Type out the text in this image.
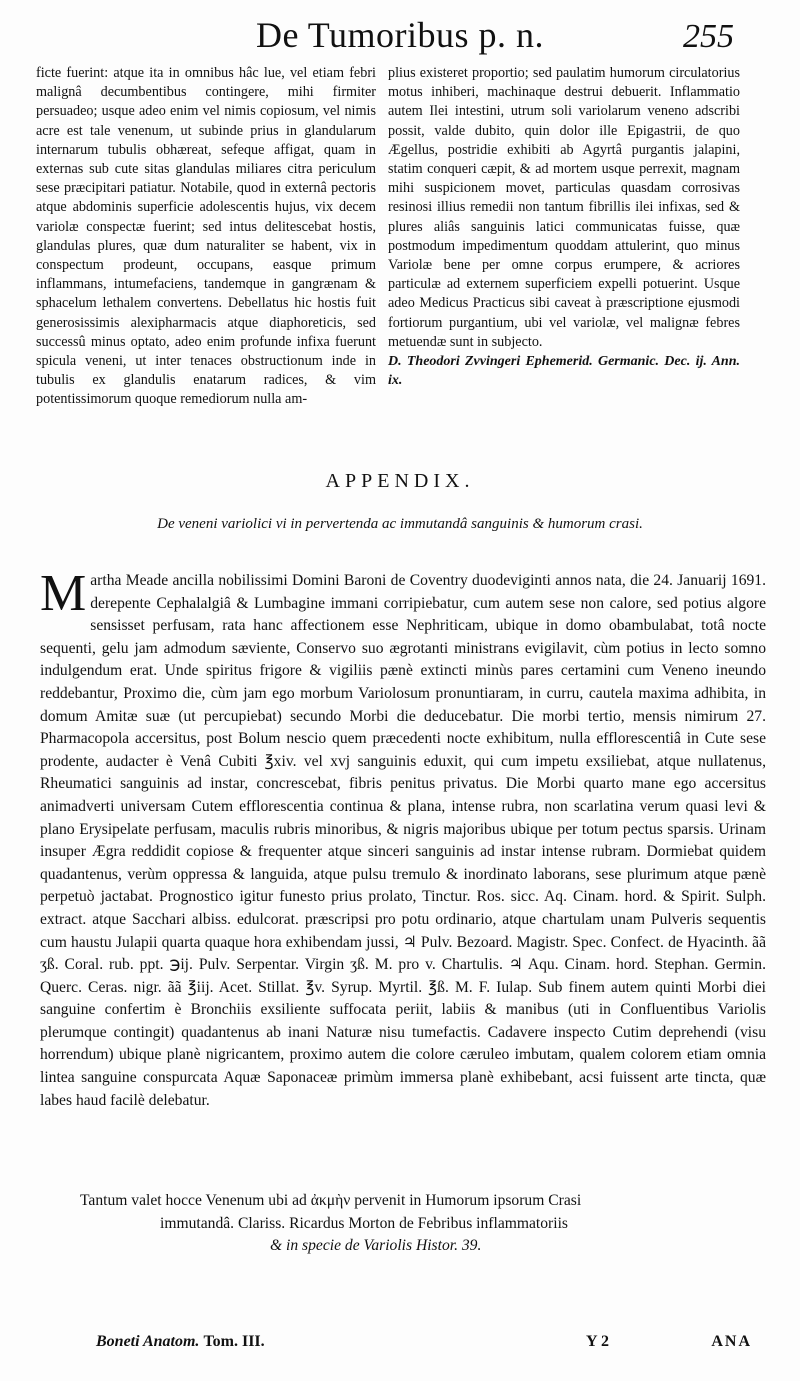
De Tumoribus p. n.	255

ficte fuerint: atque ita in omnibus hâc lue, vel etiam febri malignâ decumbentibus contingere, mihi firmiter persuadeo; usque adeo enim vel nimis copiosum, vel nimis acre est tale venenum, ut subinde prius in glandularum internarum tubulis obhæreat, sefeque affigat, quam in externas sub cute sitas glandulas miliares citra periculum sese præcipitari patiatur. Notabile, quod in externâ pectoris atque abdominis superficie adolescentis hujus, vix decem variolæ conspectæ fuerint; sed intus delitescebat hostis, glandulas plures, quæ dum naturaliter se habent, vix in conspectum prodeunt, occupans, easque primum inflammans, intumefaciens, tandemque in gangrænam & sphacelum lethalem convertens. Debellatus hic hostis fuit generosissimis alexipharmacis atque diaphoreticis, sed successû minus optato, adeo enim profunde infixa fuerunt spicula veneni, ut inter tenaces obstructionum inde in tubulis ex glandulis enatarum radices, & vim potentissimorum quoque remediorum nulla am-

plius existeret proportio; sed paulatim humorum circulatorius motus inhiberi, machinaque destrui debuerit. Inflammatio autem Ilei intestini, utrum soli variolarum veneno adscribi possit, valde dubito, quin dolor ille Epigastrii, de quo Ægellus, postridie exhibiti ab Agyrtâ purgantis jalapini, statim conqueri cæpit, & ad mortem usque perrexit, magnam mihi suspicionem movet, particulas quasdam corrosivas resinosi illius remedii non tantum fibrillis ilei infixas, sed & plures aliâs sanguinis latici communicatas fuisse, quæ postmodum impedimentum quoddam attulerint, quo minus Variolæ bene per omne corpus erumpere, & acriores particulæ ad externem superficiem expelli potuerint. Usque adeo Medicus Practicus sibi caveat à præscriptione ejusmodi fortiorum purgantium, ubi vel variolæ, vel malignæ febres metuendæ sunt in subjecto.

D. Theodori Zvvingeri Ephemerid. Germanic. Dec. ij. Ann. ix.

APPENDIX.
De veneni variolici vi in pervertenda ac immutandâ sanguinis & humorum crasi.
M artha Meade ancilla nobilissimi Domini Baroni de Coventry duodeviginti annos nata, die 24. Januarij 1691. derepente Cephalalgiâ & Lumbagine immani corripiebatur, cum autem sese non calore, sed potius algore sensisset perfusam, rata hanc affectionem esse Nephriticam, ubique in domo obambulabat, totâ nocte sequenti, gelu jam admodum sæviente, Conservo suo ægrotanti ministrans evigilavit, cùm potius in lecto somno indulgendum erat. Unde spiritus frigore & vigiliis pænè extincti minùs pares certamini cum Veneno ineundo reddebantur, Proximo die, cùm jam ego morbum Variolosum pronuntiaram, in curru, cautela maxima adhibita, in domum Amitæ suæ (ut percupiebat) secundo Morbi die deducebatur. Die morbi tertio, mensis nimirum 27. Pharmacopola accersitus, post Bolum nescio quem præcedenti nocte exhibitum, nulla efflorescentiâ in Cute sese prodente, audacter è Venâ Cubiti ℥xiv. vel xvj sanguinis eduxit, qui cum impetu exsiliebat, atque nullatenus, Rheumatici sanguinis ad instar, concrescebat, fibris penitus privatus. Die Morbi quarto mane ego accersitus animadverti universam Cutem efflorescentia continua & plana, intense rubra, non scarlatina verum quasi levi & plano Erysipelate perfusam, maculis rubris minoribus, & nigris majoribus ubique per totum pectus sparsis. Urinam insuper Ægra reddidit copiose & frequenter atque sinceri sanguinis ad instar intense rubram. Dormiebat quidem quadantenus, verùm oppressa & languida, atque pulsu tremulo & inordinato laborans, sese plurimum atque pænè perpetuò jactabat. Prognostico igitur funesto prius prolato, Tinctur. Ros. sicc. Aq. Cinam. hord. & Spirit. Sulph. extract. atque Sacchari albiss. edulcorat. præscripsi pro potu ordinario, atque chartulam unam Pulveris sequentis cum haustu Julapii quarta quaque hora exhibendam jussi, ♃ Pulv. Bezoard. Magistr. Spec. Confect. de Hyacinth. ãã ʒß. Coral. rub. ppt. ℈ij. Pulv. Serpentar. Virgin ʒß. M. pro v. Chartulis. ♃ Aqu. Cinam. hord. Stephan. Germin. Querc. Ceras. nigr. ãã ℥iij. Acet. Stillat. ℥v. Syrup. Myrtil. ℥ß. M. F. Iulap. Sub finem autem quinti Morbi diei sanguine confertim è Bronchiis exsiliente suffocata periit, labiis & manibus (uti in Confluentibus Variolis plerumque contingit) quadantenus ab inani Naturæ nisu tumefactis. Cadavere inspecto Cutim deprehendi (visu horrendum) ubique planè nigricantem, proximo autem die colore cæruleo imbutam, qualem colorem etiam omnia lintea sanguine conspurcata Aquæ Saponaceæ primùm immersa planè exhibebant, acsi fuissent arte tincta, quæ labes haud facilè delebatur.

Tantum valet hocce Venenum ubi ad ἀκμὴν pervenit in Humorum ipsorum Crasi

immutandâ. Clariss. Ricardus Morton de Febribus inflammatoriis

& in specie de Variolis Histor. 39.

Boneti Anatom. Tom. III.	Y 2	ANA
